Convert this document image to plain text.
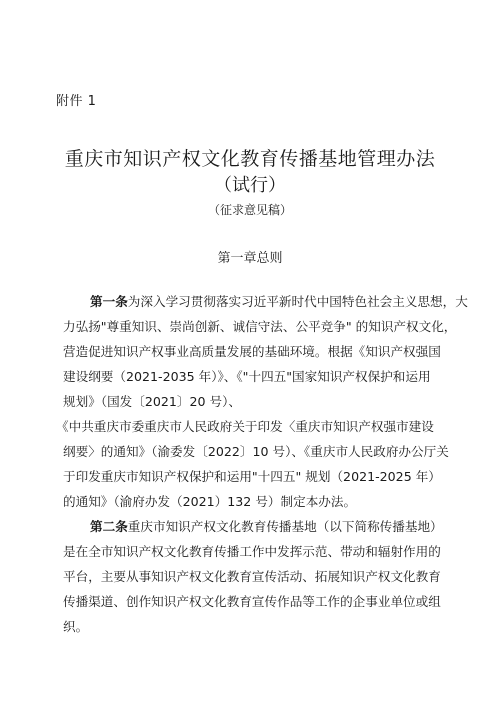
附件 1
重庆市知识产权文化教育传播基地管理办法
（试行）
（征求意见稿）
第一章总则
第一条为深入学习贯彻落实习近平新时代中国特色社会主义思想，大
力弘扬"尊重知识、崇尚创新、诚信守法、公平竞争" 的知识产权文化，
营造促进知识产权事业高质量发展的基础环境。根据《知识产权强国
建设纲要（2021-2035 年）》、《"十四五"国家知识产权保护和运用
规划》（国发〔2021〕20 号）、
《中共重庆市委重庆市人民政府关于印发〈重庆市知识产权强市建设
纲要〉的通知》（渝委发〔2022〕10 号）、《重庆市人民政府办公厅关
于印发重庆市知识产权保护和运用"十四五" 规划（2021-2025 年）
的通知》（渝府办发（2021）132 号）制定本办法。
第二条重庆市知识产权文化教育传播基地（以下简称传播基地）
是在全市知识产权文化教育传播工作中发挥示范、带动和辐射作用的
平台，主要从事知识产权文化教育宣传活动、拓展知识产权文化教育
传播渠道、创作知识产权文化教育宣传作品等工作的企事业单位或组
织。
